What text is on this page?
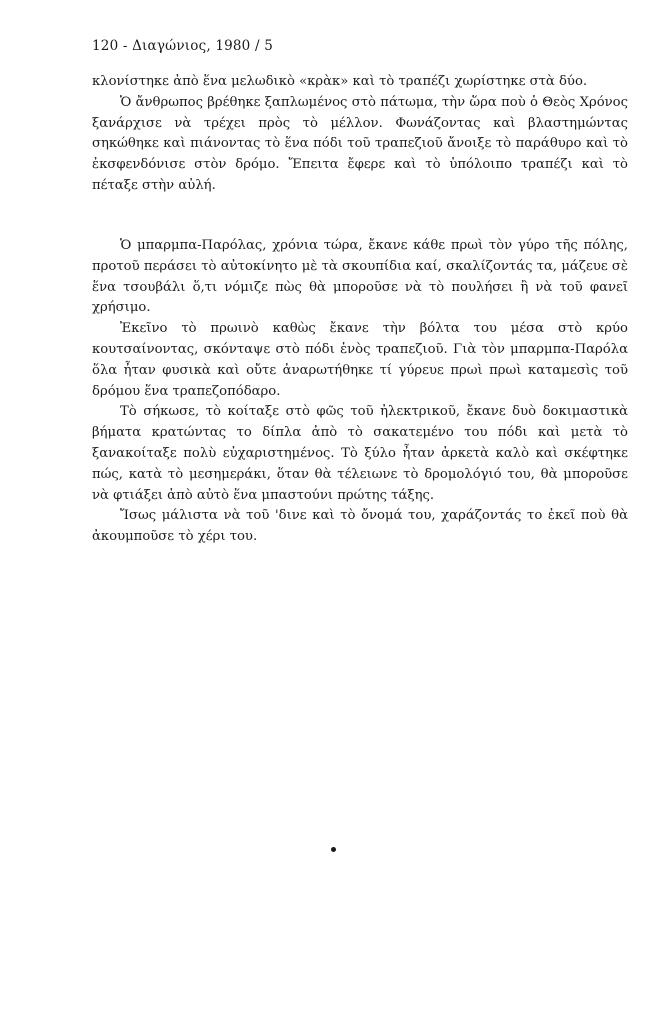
120 - Διαγώνιος, 1980 / 5

κλονίστηκε ἀπὸ ἕνα μελωδικὸ «κρὰκ» καὶ τὸ τραπέζι χωρίστηκε στὰ δύο.

Ὁ ἄνθρωπος βρέθηκε ξαπλωμένος στὸ πάτωμα, τὴν ὥρα ποὺ ὁ Θεὸς Χρόνος ξανάρχισε νὰ τρέχει πρὸς τὸ μέλλον. Φωνάζοντας καὶ βλαστημώντας σηκώθηκε καὶ πιάνοντας τὸ ἕνα πόδι τοῦ τραπεζιοῦ ἄνοιξε τὸ παράθυρο καὶ τὸ ἐκσφενδόνισε στὸν δρόμο. Ἔπειτα ἔφερε καὶ τὸ ὑπόλοιπο τραπέζι καὶ τὸ πέταξε στὴν αὐλή.

Ὁ μπαρμπα-Παρόλας, χρόνια τώρα, ἔκανε κάθε πρωὶ τὸν γύρο τῆς πόλης, προτοῦ περάσει τὸ αὐτοκίνητο μὲ τὰ σκουπίδια καί, σκαλίζοντάς τα, μάζευε σὲ ἕνα τσουβάλι ὅ,τι νόμιζε πὼς θὰ μποροῦσε νὰ τὸ πουλήσει ἢ νὰ τοῦ φανεῖ χρήσιμο.

Ἐκεῖνο τὸ πρωινὸ καθὼς ἔκανε τὴν βόλτα του μέσα στὸ κρύο κουτσαίνοντας, σκόνταψε στὸ πόδι ἑνὸς τραπεζιοῦ. Γιὰ τὸν μπαρμπα-Παρόλα ὅλα ἦταν φυσικὰ καὶ οὔτε ἀναρωτήθηκε τί γύρευε πρωὶ πρωὶ καταμεσὶς τοῦ δρόμου ἕνα τραπεζοπόδαρο.

Τὸ σήκωσε, τὸ κοίταξε στὸ φῶς τοῦ ἠλεκτρικοῦ, ἔκανε δυὸ δοκιμαστικὰ βήματα κρατώντας το δίπλα ἀπὸ τὸ σακατεμένο του πόδι καὶ μετὰ τὸ ξανακοίταξε πολὺ εὐχαριστημένος. Τὸ ξύλο ἦταν ἀρκετὰ καλὸ καὶ σκέφτηκε πώς, κατὰ τὸ μεσημεράκι, ὅταν θὰ τέλειωνε τὸ δρομολόγιό του, θὰ μποροῦσε νὰ φτιάξει ἀπὸ αὐτὸ ἕνα μπαστούνι πρώτης τάξης.

Ἴσως μάλιστα νὰ τοῦ 'δινε καὶ τὸ ὄνομά του, χαράζοντάς το ἐκεῖ ποὺ θὰ ἀκουμποῦσε τὸ χέρι του.
